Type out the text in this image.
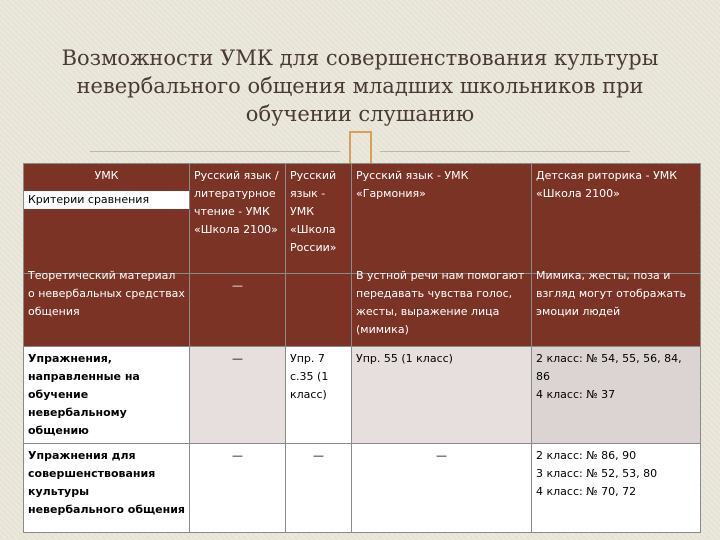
Возможности УМК для совершенствования культуры невербального общения младших школьников при обучении слушанию
УМК
Критерии сравнения	Русский язык /литературное чтение - УМК «Школа 2100»	Русский язык - УМК «Школа России»	Русский язык - УМК «Гармония»	Детская риторика - УМК «Школа 2100»

Теоретический материал о невербальных средствах общения	—		В устной речи нам помогают передавать чувства голос, жесты, выражение лица (мимика)	Мимика, жесты, поза и взгляд могут отображать эмоции людей

Упражнения, направленные на обучение невербальному общению	—	Упр. 7 с.35 (1 класс)	Упр. 55 (1 класс)	2 класс: № 54, 55, 56, 84, 86
4 класс: № 37
Упражнения для совершенствования культуры невербального общения	—	—	—	2 класс: № 86, 90
3 класс: № 52, 53, 80
4 класс: № 70, 72
